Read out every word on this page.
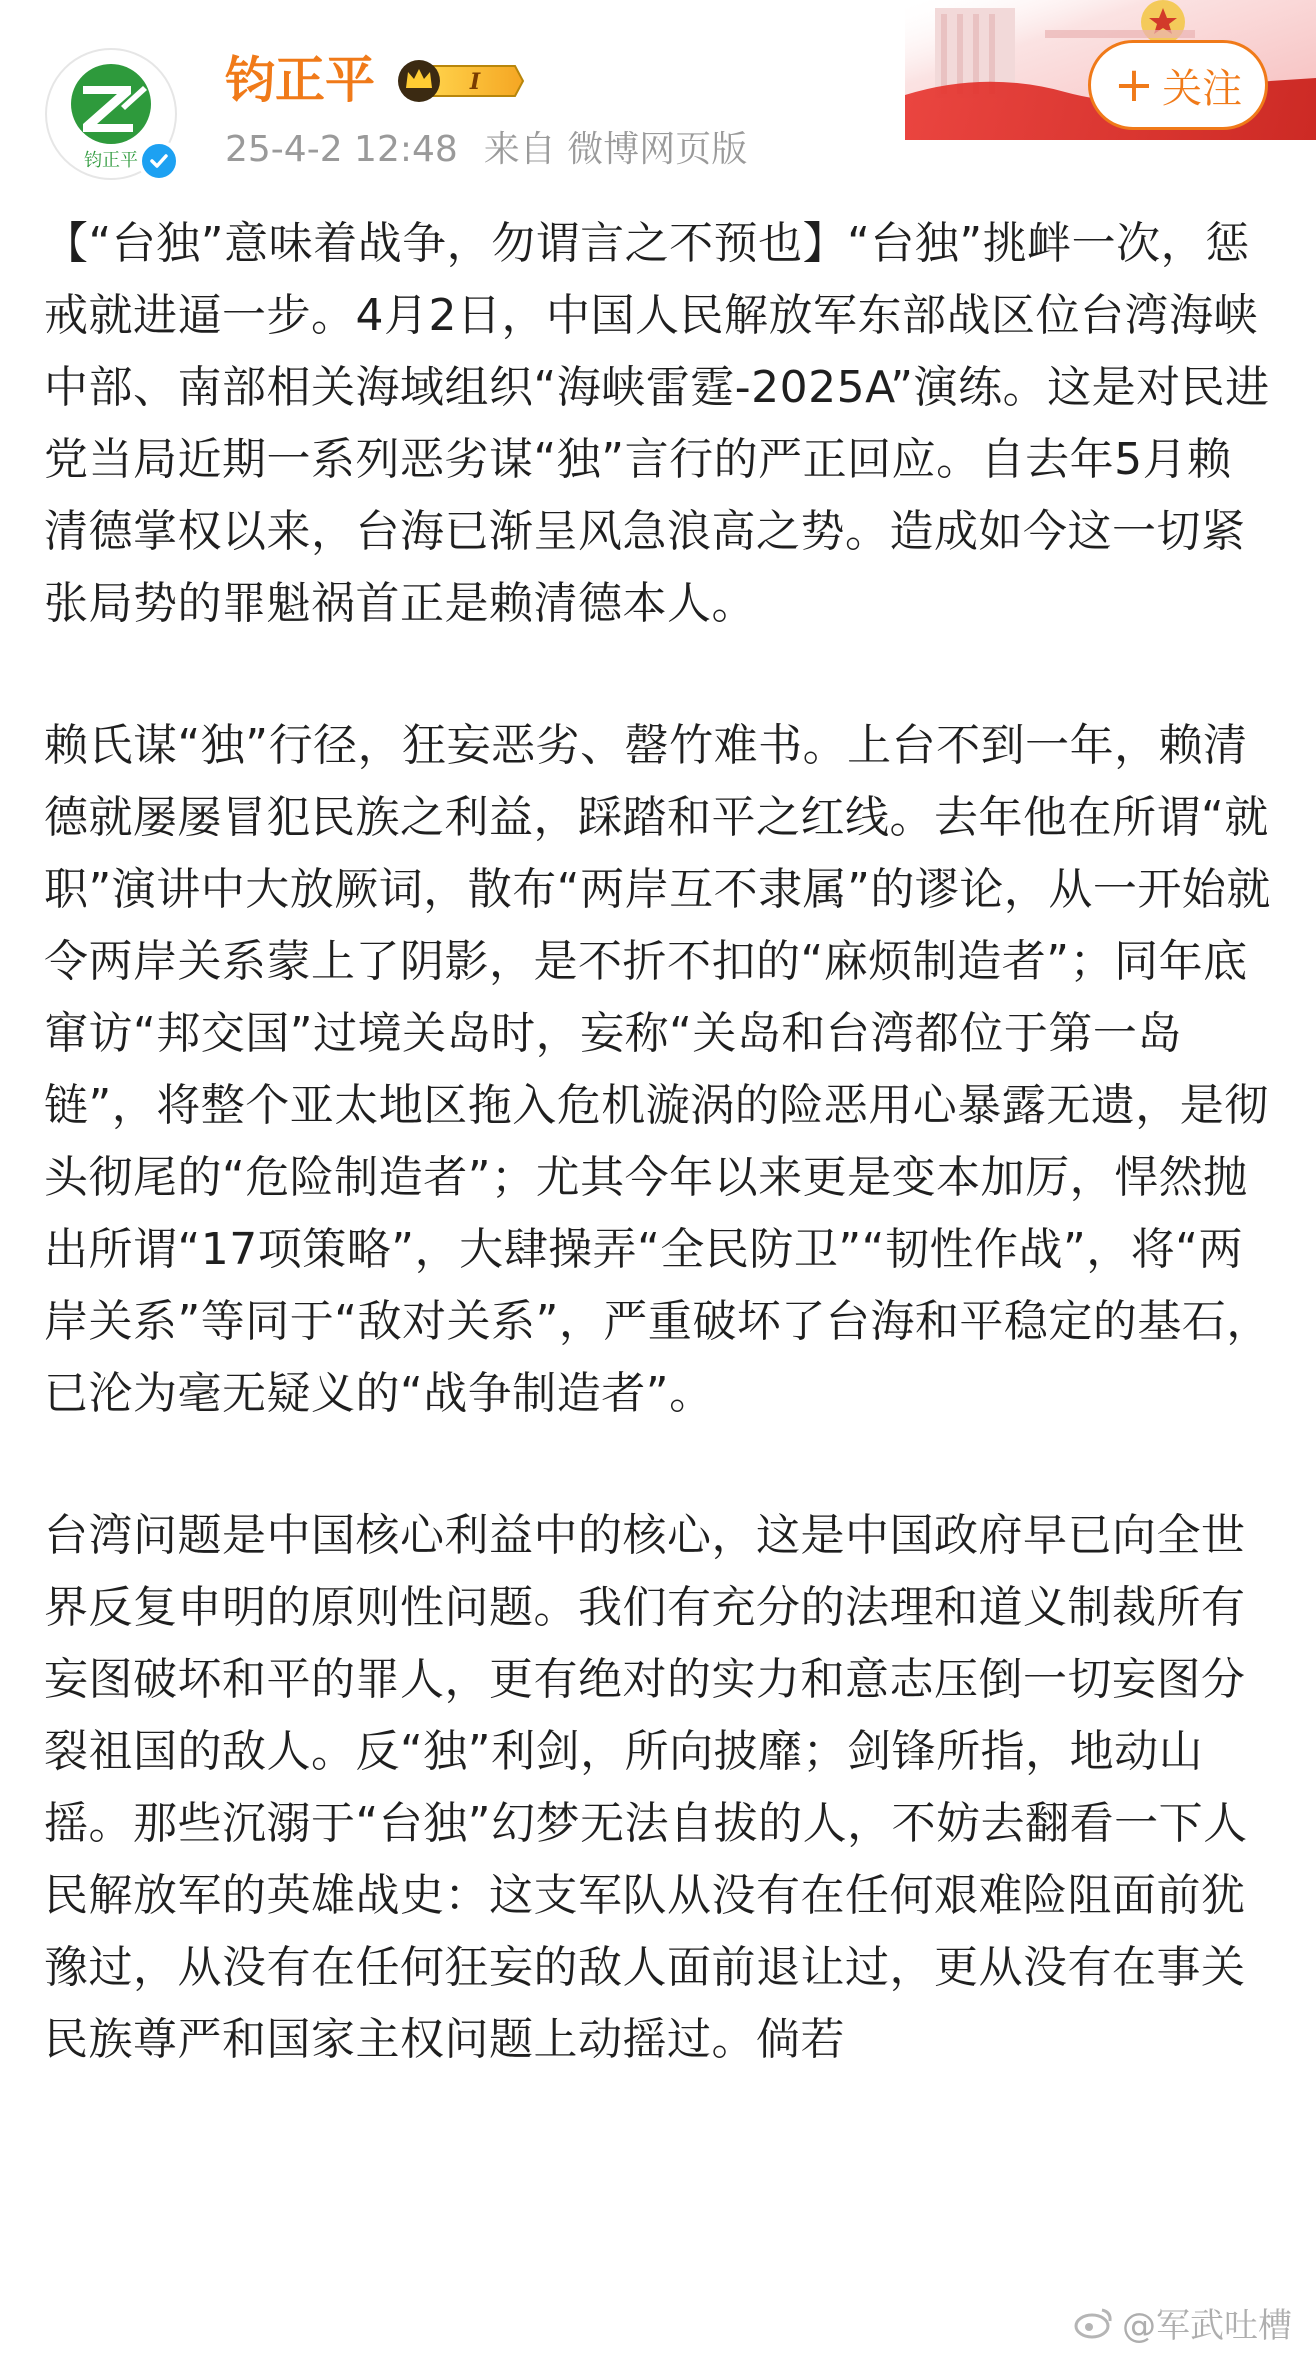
钧正平
钧正平	I
25-4-2 12:48 来自 微博网页版
+ 关注

【“台独”意味着战争，勿谓言之不预也】“台独”挑衅一次，惩戒就进逼一步。4月2日，中国人民解放军东部战区位台湾海峡中部、南部相关海域组织“海峡雷霆-2025A”演练。这是对民进党当局近期一系列恶劣谋“独”言行的严正回应。自去年5月赖清德掌权以来，台海已渐呈风急浪高之势。造成如今这一切紧张局势的罪魁祸首正是赖清德本人。

赖氏谋“独”行径，狂妄恶劣、罄竹难书。上台不到一年，赖清德就屡屡冒犯民族之利益，踩踏和平之红线。去年他在所谓“就职”演讲中大放厥词，散布“两岸互不隶属”的谬论，从一开始就令两岸关系蒙上了阴影，是不折不扣的“麻烦制造者”；同年底窜访“邦交国”过境关岛时，妄称“关岛和台湾都位于第一岛链”，将整个亚太地区拖入危机漩涡的险恶用心暴露无遗，是彻头彻尾的“危险制造者”；尤其今年以来更是变本加厉，悍然抛出所谓“17项策略”，大肆操弄“全民防卫”“韧性作战”，将“两岸关系”等同于“敌对关系”，严重破坏了台海和平稳定的基石，已沦为毫无疑义的“战争制造者”。

台湾问题是中国核心利益中的核心，这是中国政府早已向全世界反复申明的原则性问题。我们有充分的法理和道义制裁所有妄图破坏和平的罪人，更有绝对的实力和意志压倒一切妄图分裂祖国的敌人。反“独”利剑，所向披靡；剑锋所指，地动山摇。那些沉溺于“台独”幻梦无法自拔的人，不妨去翻看一下人民解放军的英雄战史：这支军队从没有在任何艰难险阻面前犹豫过，从没有在任何狂妄的敌人面前退让过，更从没有在事关民族尊严和国家主权问题上动摇过。倘若

@军武吐槽
